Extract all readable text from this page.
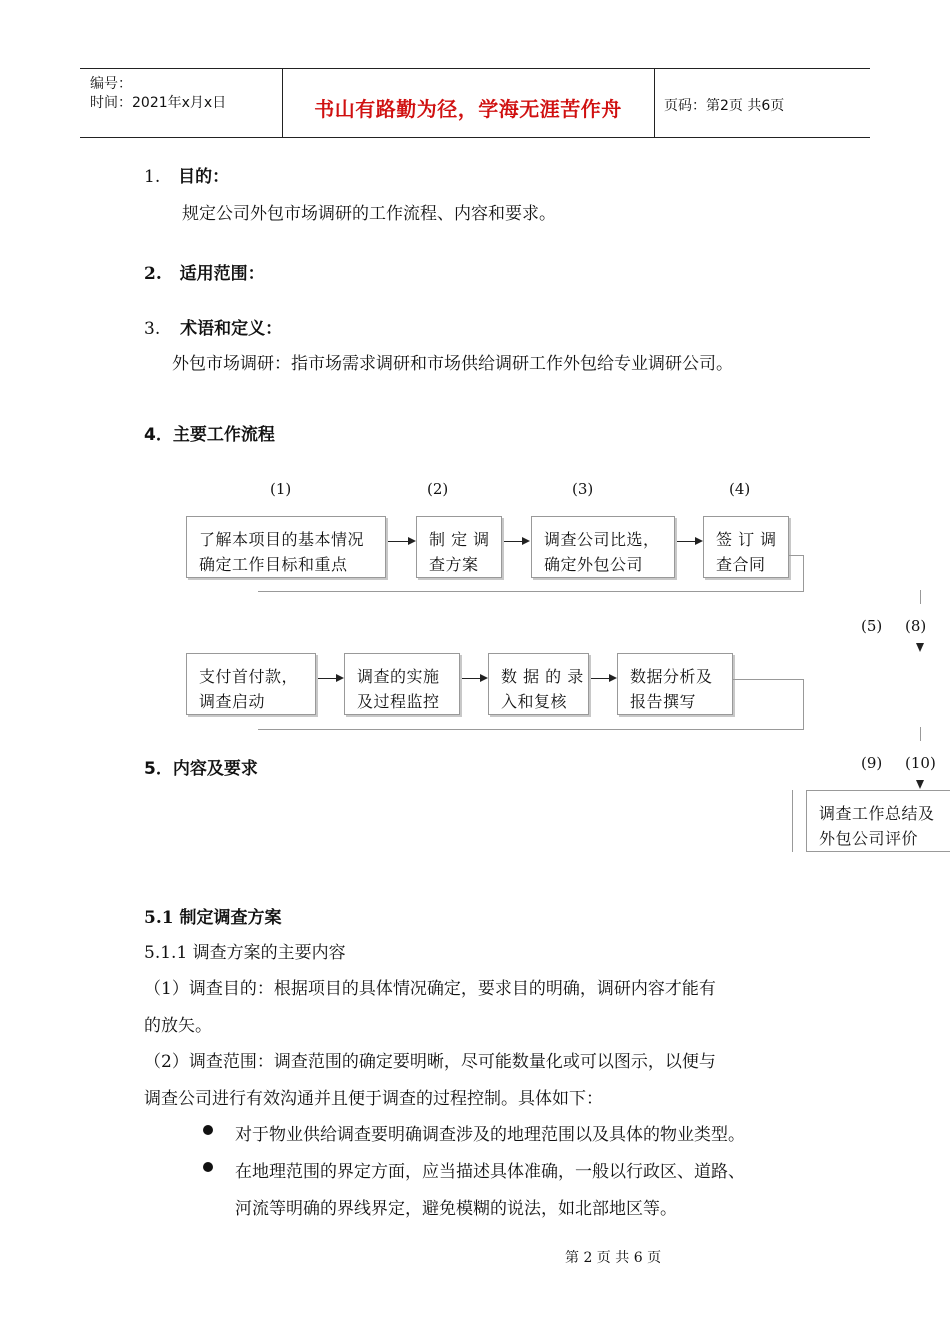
编号：
时间：2021年x月x日	书山有路勤为径，学海无涯苦作舟	页码：第2页 共6页
1. 目的：
规定公司外包市场调研的工作流程、内容和要求。
2. 适用范围：
3. 术语和定义：
外包市场调研：指市场需求调研和市场供给调研工作外包给专业调研公司。
4．主要工作流程
(1)	(2)	(3)	(4)
了解本项目的基本情况
确定工作目标和重点
制 定 调
查方案
调查公司比选，
确定外包公司
签 订 调
查合同
(5) (8)
支付首付款，
调查启动
调查的实施
及过程监控
数 据 的 录
入和复核
数据分析及
报告撰写
5．内容及要求	(9) (10)
调查工作总结及
外包公司评价
5.1 制定调查方案
5.1.1 调查方案的主要内容
（1）调查目的：根据项目的具体情况确定，要求目的明确，调研内容才能有
的放矢。
（2）调查范围：调查范围的确定要明晰，尽可能数量化或可以图示，以便与
调查公司进行有效沟通并且便于调查的过程控制。具体如下：
对于物业供给调查要明确调查涉及的地理范围以及具体的物业类型。
在地理范围的界定方面，应当描述具体准确，一般以行政区、道路、
河流等明确的界线界定，避免模糊的说法，如北部地区等。
第 2 页 共 6 页
